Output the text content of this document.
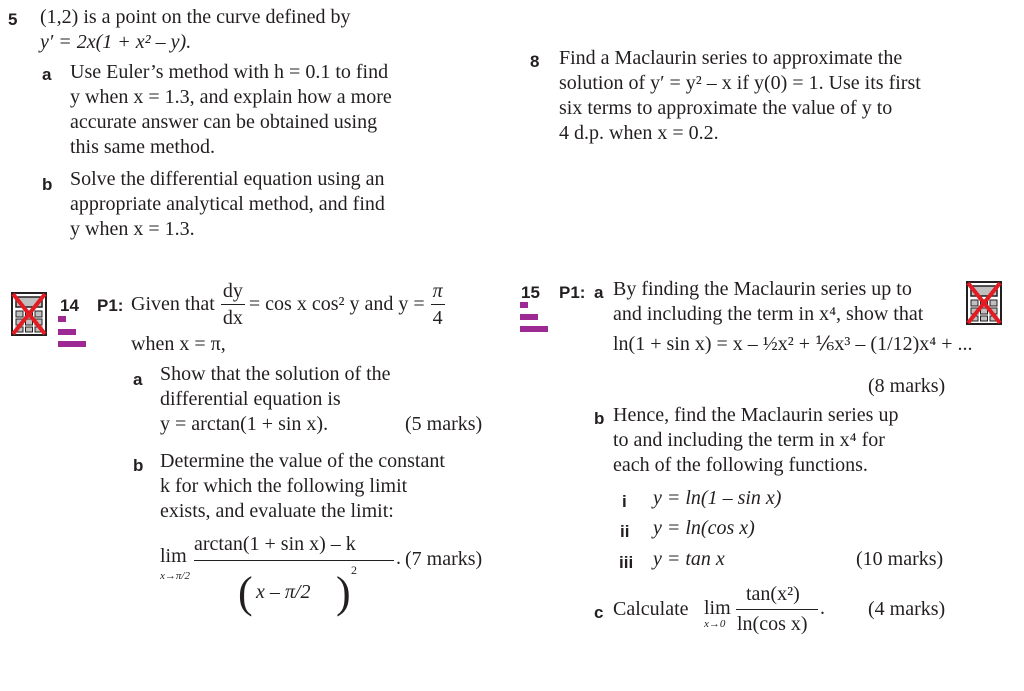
5 (1,2) is a point on the curve defined by
y′ = 2x(1 + x² – y).
a Use Euler’s method with h = 0.1 to find
y when x = 1.3, and explain how a more
accurate answer can be obtained using
this same method.
b Solve the differential equation using an
appropriate analytical method, and find
y when x = 1.3.
8 Find a Maclaurin series to approximate the
solution of y′ = y² – x if y(0) = 1. Use its first
six terms to approximate the value of y to
4 d.p. when x = 0.2.
14 P1: Given that $\frac{dy}{dx} = \cos x$ cos² y and $y = \frac{\pi}{4}$
when x = π,
a Show that the solution of the
differential equation is
y = arctan(1 + sin x).	(5 marks)
b Determine the value of the constant
k for which the following limit
exists, and evaluate the limit:
lim
x→π/2
arctan(1 + sin x) – k
( x – π/2 ) 2
. (7 marks)
15 P1: a By finding the Maclaurin series up to
and including the term in x⁴, show that
ln(1 + sin x) = x – ½x² + ⅙x³ – (1/12)x⁴ + ...
(8 marks)
b Hence, find the Maclaurin series up
to and including the term in x⁴ for
each of the following functions.
i y = ln(1 – sin x)
ii y = ln(cos x)
iii y = tan x	(10 marks)
c Calculate lim
x→0
tan(x²)
ln(cos x)
. (4 marks)
